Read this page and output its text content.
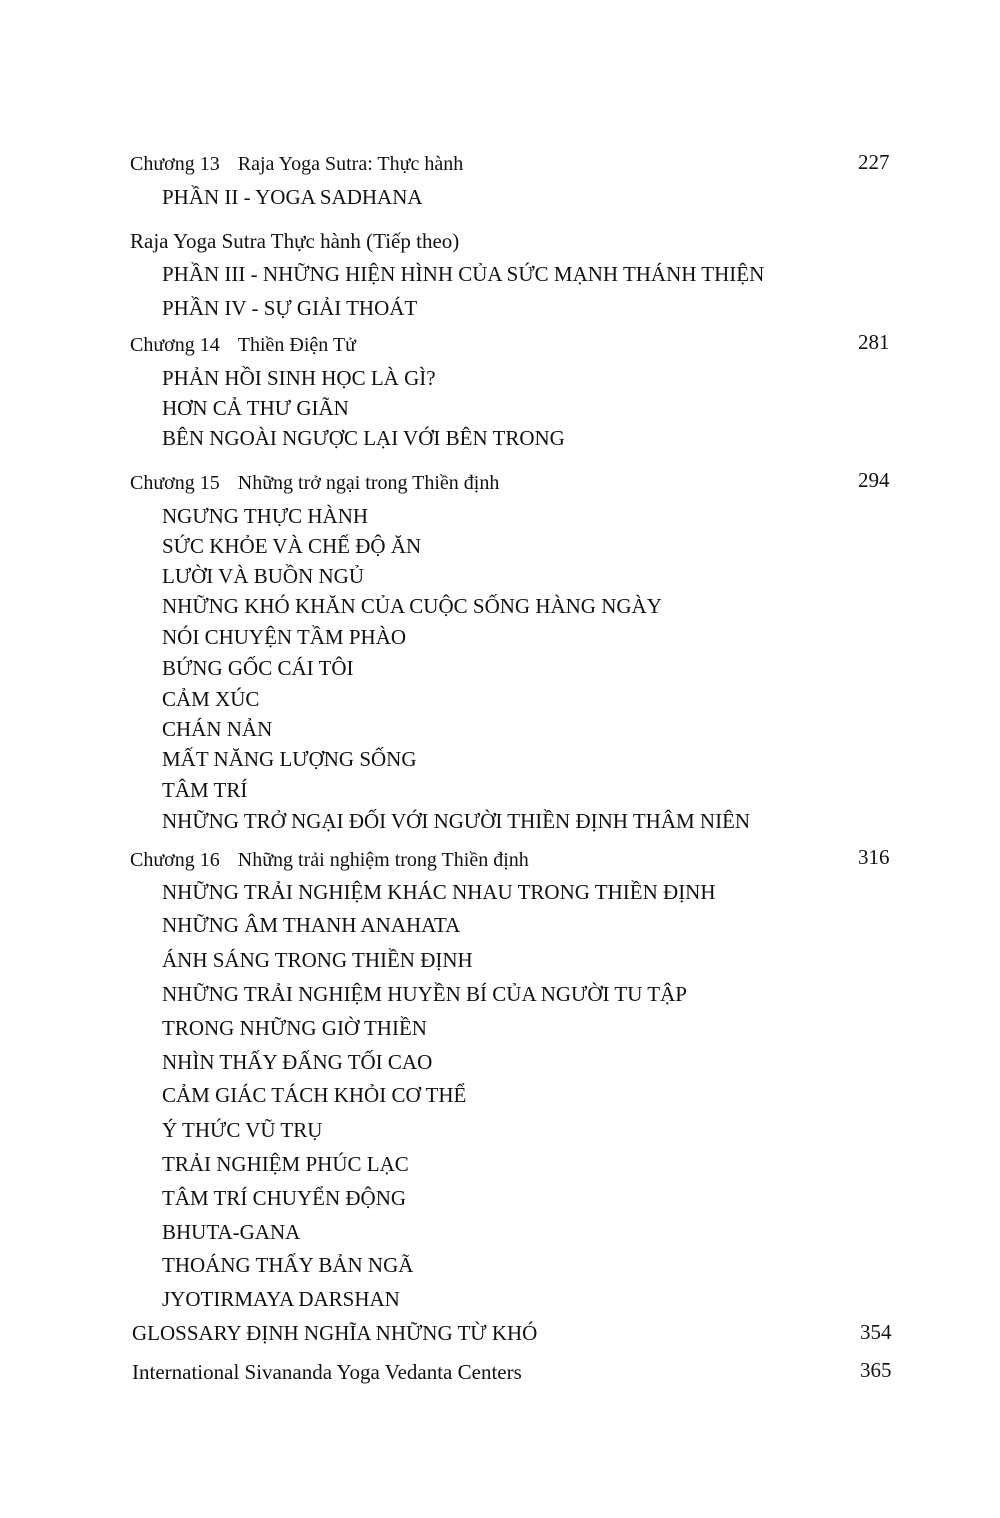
Chương 13 Raja Yoga Sutra: Thực hành	227
PHẦN II - YOGA SADHANA
Raja Yoga Sutra Thực hành (Tiếp theo)
PHẦN III - NHỮNG HIỆN HÌNH CỦA SỨC MẠNH THÁNH THIỆN
PHẦN IV - SỰ GIẢI THOÁT
Chương 14 Thiền Điện Tử	281
PHẢN HỒI SINH HỌC LÀ GÌ?
HƠN CẢ THƯ GIÃN
BÊN NGOÀI NGƯỢC LẠI VỚI BÊN TRONG
Chương 15 Những trở ngại trong Thiền định	294
NGƯNG THỰC HÀNH
SỨC KHỎE VÀ CHẾ ĐỘ ĂN
LƯỜI VÀ BUỒN NGỦ
NHỮNG KHÓ KHĂN CỦA CUỘC SỐNG HÀNG NGÀY
NÓI CHUYỆN TẦM PHÀO
BỨNG GỐC CÁI TÔI
CẢM XÚC
CHÁN NẢN
MẤT NĂNG LƯỢNG SỐNG
TÂM TRÍ
NHỮNG TRỞ NGẠI ĐỐI VỚI NGƯỜI THIỀN ĐỊNH THÂM NIÊN
Chương 16 Những trải nghiệm trong Thiền định	316
NHỮNG TRẢI NGHIỆM KHÁC NHAU TRONG THIỀN ĐỊNH
NHỮNG ÂM THANH ANAHATA
ÁNH SÁNG TRONG THIỀN ĐỊNH
NHỮNG TRẢI NGHIỆM HUYỀN BÍ CỦA NGƯỜI TU TẬP
TRONG NHỮNG GIỜ THIỀN
NHÌN THẤY ĐẤNG TỐI CAO
CẢM GIÁC TÁCH KHỎI CƠ THỂ
Ý THỨC VŨ TRỤ
TRẢI NGHIỆM PHÚC LẠC
TÂM TRÍ CHUYỂN ĐỘNG
BHUTA-GANA
THOÁNG THẤY BẢN NGÃ
JYOTIRMAYA DARSHAN
GLOSSARY ĐỊNH NGHĨA NHỮNG TỪ KHÓ	354
International Sivananda Yoga Vedanta Centers	365
